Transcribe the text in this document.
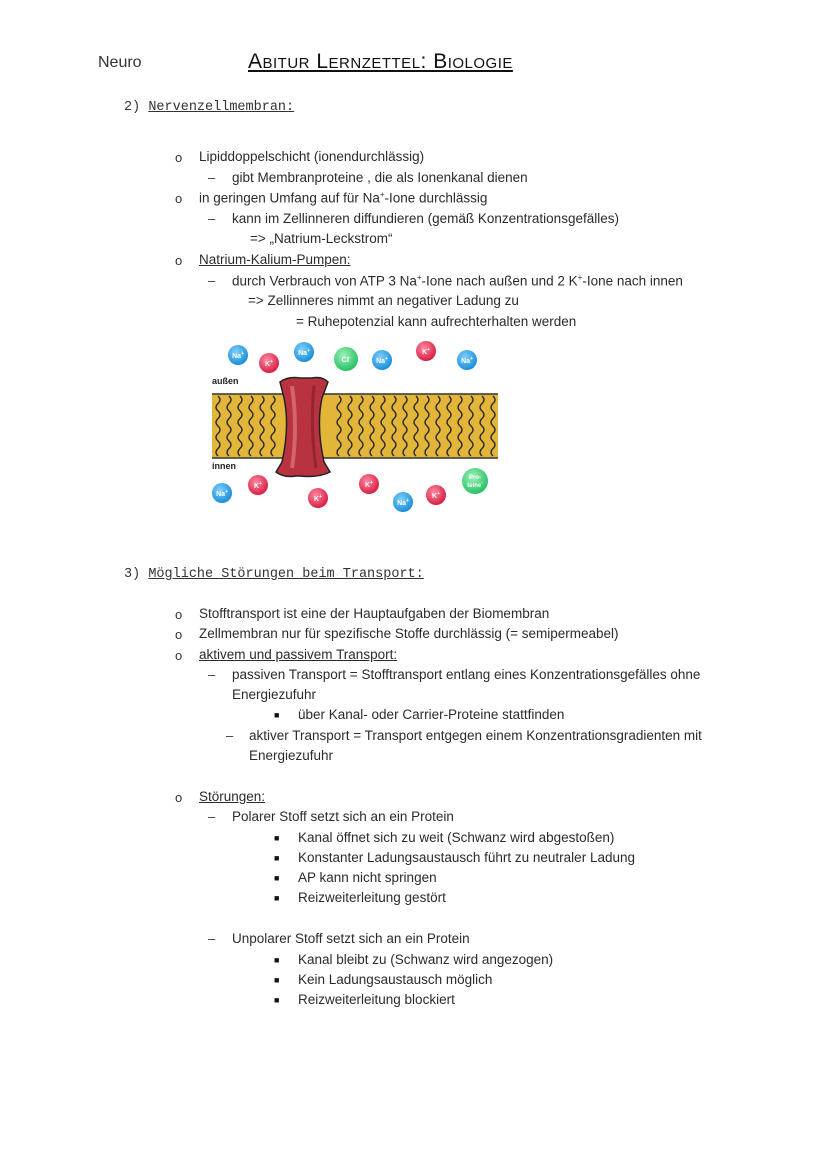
Neuro	Abitur Lernzettel: Biologie
2) Nervenzellmembran:
o Lipiddoppelschicht (ionendurchlässig)
– gibt Membranproteine , die als Ionenkanal dienen
o in geringen Umfang auf für Na+-Ione durchlässig
– kann im Zellinneren diffundieren (gemäß Konzentrationsgefälles)
=> „Natrium-Leckstrom“
o Natrium-Kalium-Pumpen:
– durch Verbrauch von ATP 3 Na+-Ione nach außen und 2 K+-Ione nach innen
=> Zellinneres nimmt an negativer Ladung zu
= Ruhepotenzial kann aufrechterhalten werden
außen
innen
Na+
K+
Na+
Cl-	Na+
K+
Na+
Na+
K+
K+
K+
Na+
K+
Pro-
teine-
3) Mögliche Störungen beim Transport:
o Stofftransport ist eine der Hauptaufgaben der Biomembran
o Zellmembran nur für spezifische Stoffe durchlässig (= semipermeabel)
o aktivem und passivem Transport:
– passiven Transport = Stofftransport entlang eines Konzentrationsgefälles ohne
Energiezufuhr
■ über Kanal- oder Carrier-Proteine stattfinden
– aktiver Transport = Transport entgegen einem Konzentrationsgradienten mit
Energiezufuhr
o Störungen:
– Polarer Stoff setzt sich an ein Protein
■ Kanal öffnet sich zu weit (Schwanz wird abgestoßen)
■ Konstanter Ladungsaustausch führt zu neutraler Ladung
■ AP kann nicht springen
■ Reizweiterleitung gestört
– Unpolarer Stoff setzt sich an ein Protein
■ Kanal bleibt zu (Schwanz wird angezogen)
■ Kein Ladungsaustausch möglich
■ Reizweiterleitung blockiert
